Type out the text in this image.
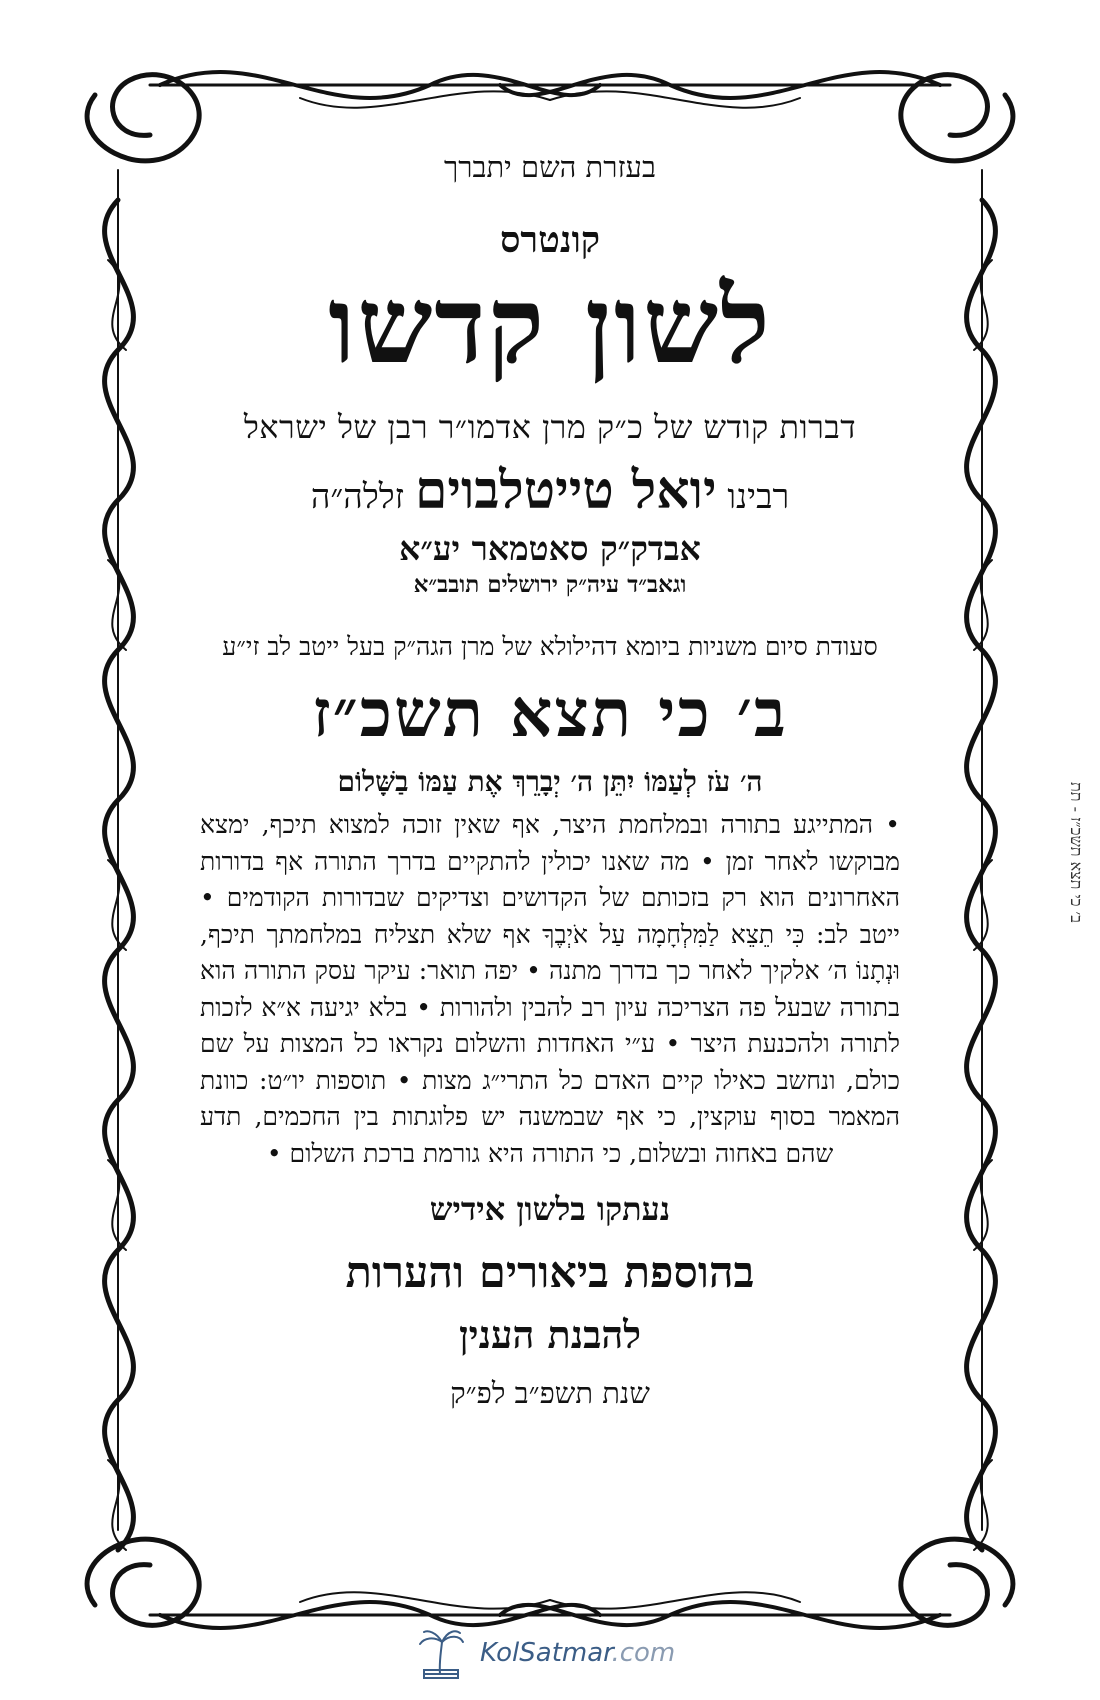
בעזרת השם יתברך
קונטרס
לשון קדשו
דברות קודש של כ״ק מרן אדמו״ר רבן של ישראל
רבינו יואל טייטלבוים זללה״ה
אבדק״ק סאטמאר יע״א
וגאב״ד עיה״ק ירושלים תובב״א
סעודת סיום משניות ביומא דהילולא של מרן הגה״ק בעל ייטב לב זי״ע
ב׳ כי תצא תשכ״ז
ה׳ עֹז לְעַמּוֹ יִתֵּן ה׳ יְבָרֵךְ אֶת עַמּוֹ בַשָּׁלוֹם
• המתייגע בתורה ובמלחמת היצר, אף שאין זוכה למצוא תיכף, ימצא מבוקשו לאחר זמן • מה שאנו יכולין להתקיים בדרך התורה אף בדורות האחרונים הוא רק בזכותם של הקדושים וצדיקים שבדורות הקודמים • ייטב לב: כִּי תֵצֵא לַמִּלְחָמָה עַל אֹיְבֶךָ אף שלא תצליח במלחמתך תיכף, וּנְתָנוֹ ה׳ אלקיך לאחר כך בדרך מתנה • יפה תואר: עיקר עסק התורה הוא בתורה שבעל פה הצריכה עיון רב להבין ולהורות • בלא יגיעה א״א לזכות לתורה ולהכנעת היצר • ע״י האחדות והשלום נקראו כל המצות על שם כולם, ונחשב כאילו קיים האדם כל התרי״ג מצות • תוספות יו״ט: כוונת המאמר בסוף עוקצין, כי אף שבמשנה יש פלוגתות בין החכמים, תדע שהם באחוה ובשלום, כי התורה היא גורמת ברכת השלום •
נעתקו בלשון אידיש
בהוספת ביאורים והערות
להבנת הענין
שנת תשפ״ב לפ״ק
ב׳ כי תצא תשכ״ז - תת
KolSatmar.com
